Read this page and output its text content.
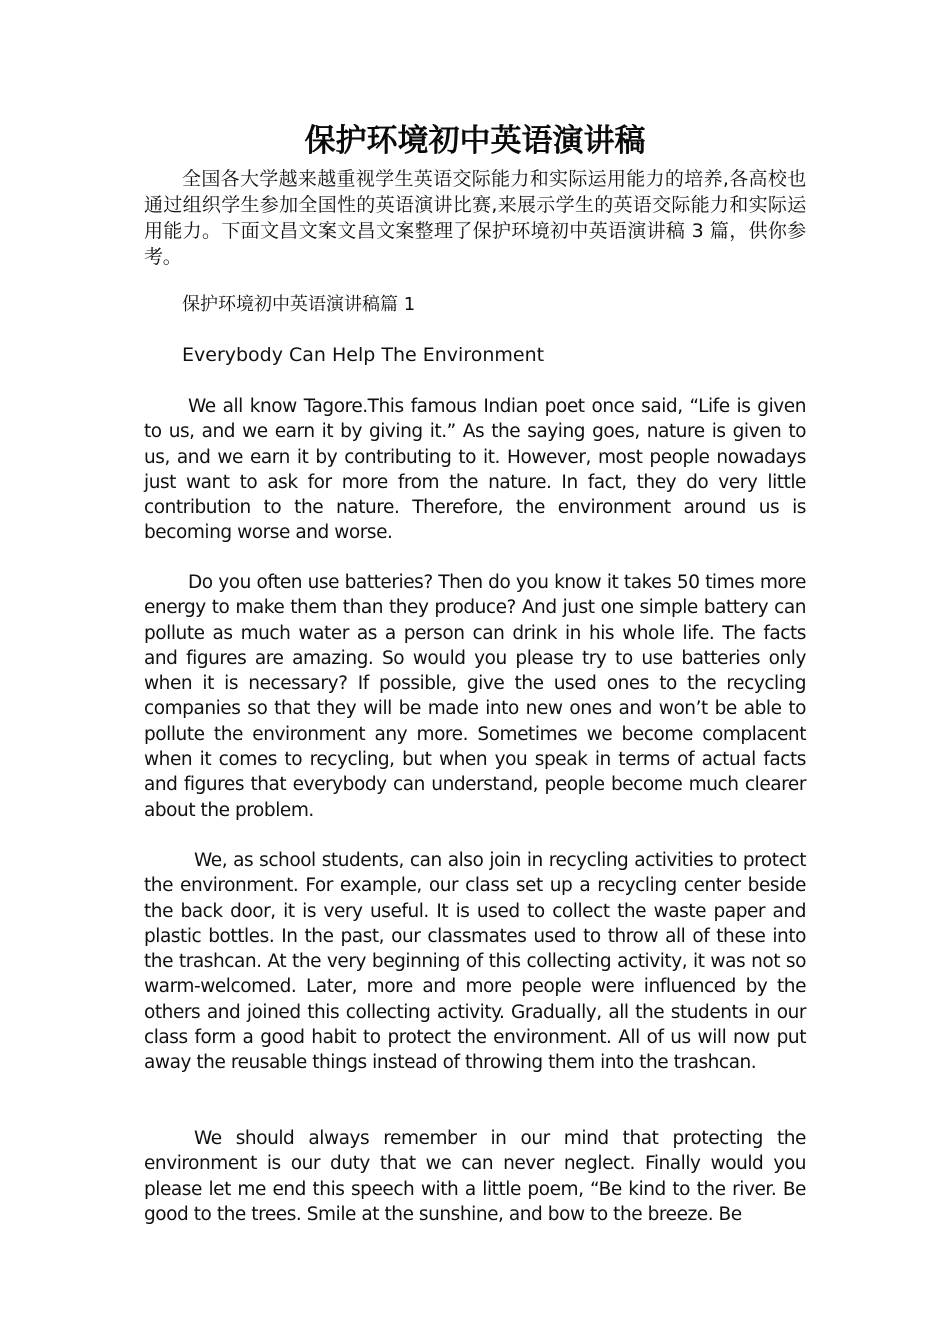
保护环境初中英语演讲稿

全国各大学越来越重视学生英语交际能力和实际运用能力的培养,各高校也通过组织学生参加全国性的英语演讲比赛,来展示学生的英语交际能力和实际运用能力。下面文昌文案文昌文案整理了保护环境初中英语演讲稿 3 篇，供你参考。

保护环境初中英语演讲稿篇 1

Everybody Can Help The Environment

We all know Tagore.This famous Indian poet once said, “Life is given to us, and we earn it by giving it.” As the saying goes, nature is given to us, and we earn it by contributing to it. However, most people nowadays just want to ask for more from the nature. In fact, they do very little contribution to the nature. Therefore, the environment around us is becoming worse and worse.

Do you often use batteries? Then do you know it takes 50 times more energy to make them than they produce? And just one simple battery can pollute as much water as a person can drink in his whole life. The facts and figures are amazing. So would you please try to use batteries only when it is necessary? If possible, give the used ones to the recycling companies so that they will be made into new ones and won’t be able to pollute the environment any more. Sometimes we become complacent when it comes to recycling, but when you speak in terms of actual facts and figures that everybody can understand, people become much clearer about the problem.

We, as school students, can also join in recycling activities to protect the environment. For example, our class set up a recycling center beside the back door, it is very useful. It is used to collect the waste paper and plastic bottles. In the past, our classmates used to throw all of these into the trashcan. At the very beginning of this collecting activity, it was not so warm-welcomed. Later, more and more people were influenced by the others and joined this collecting activity. Gradually, all the students in our class form a good habit to protect the environment. All of us will now put away the reusable things instead of throwing them into the trashcan.

We should always remember in our mind that protecting the environment is our duty that we can never neglect. Finally would you please let me end this speech with a little poem, “Be kind to the river. Be good to the trees. Smile at the sunshine, and bow to the breeze. Be
